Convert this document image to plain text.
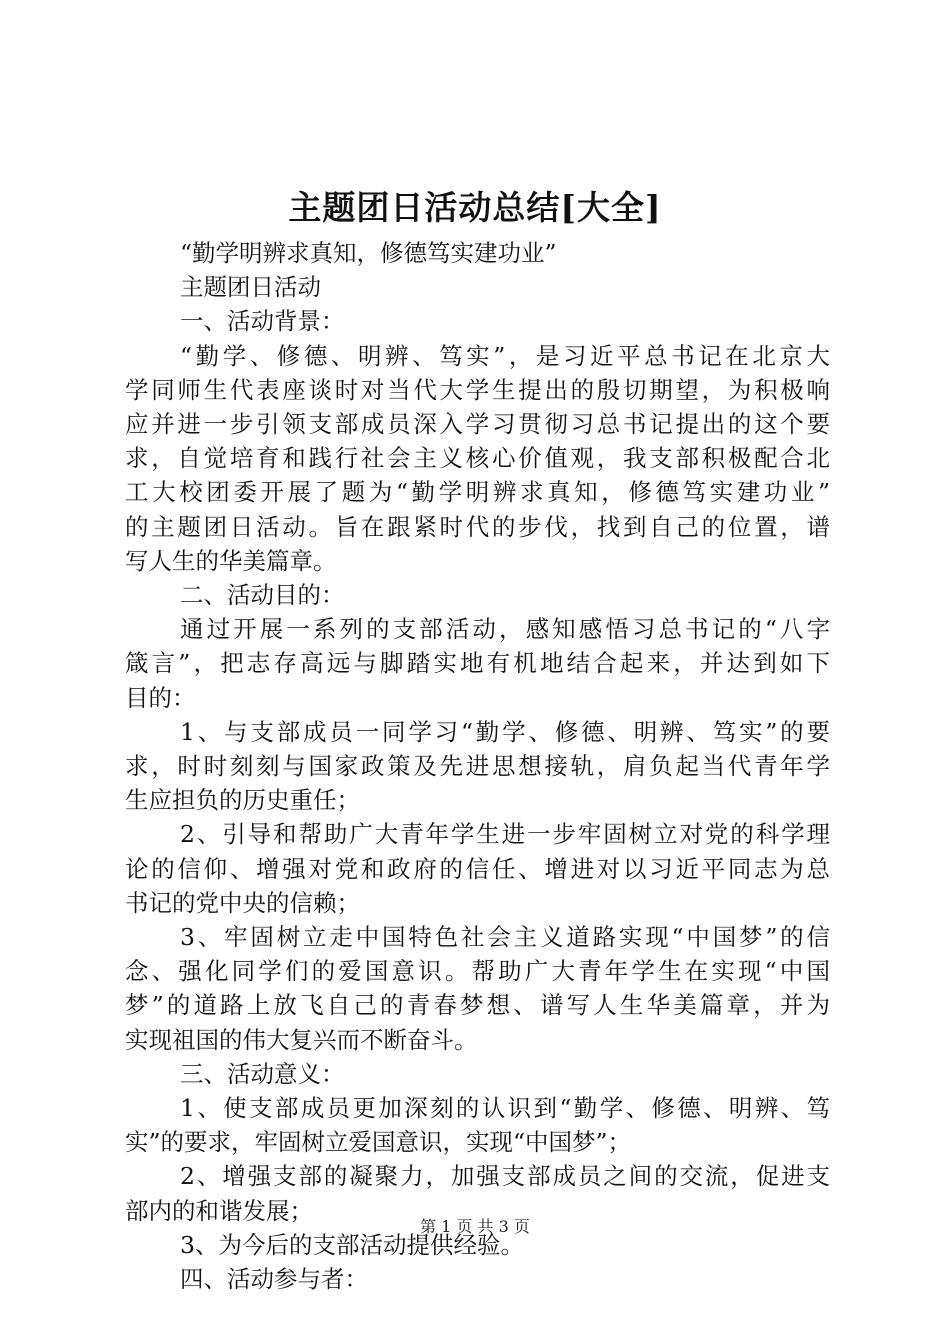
主题团日活动总结[大全]
“勤学明辨求真知，修德笃实建功业”
主题团日活动
一、活动背景：
“勤学、修德、明辨、笃实”，是习近平总书记在北京大
学同师生代表座谈时对当代大学生提出的殷切期望，为积极响
应并进一步引领支部成员深入学习贯彻习总书记提出的这个要
求，自觉培育和践行社会主义核心价值观，我支部积极配合北
工大校团委开展了题为“勤学明辨求真知，修德笃实建功业”
的主题团日活动。旨在跟紧时代的步伐，找到自己的位置，谱
写人生的华美篇章。
二、活动目的：
通过开展一系列的支部活动，感知感悟习总书记的“八字
箴言”，把志存高远与脚踏实地有机地结合起来，并达到如下
目的：
1、与支部成员一同学习“勤学、修德、明辨、笃实”的要
求，时时刻刻与国家政策及先进思想接轨，肩负起当代青年学
生应担负的历史重任；
2、引导和帮助广大青年学生进一步牢固树立对党的科学理
论的信仰、增强对党和政府的信任、增进对以习近平同志为总
书记的党中央的信赖；
3、牢固树立走中国特色社会主义道路实现“中国梦”的信
念、强化同学们的爱国意识。帮助广大青年学生在实现“中国
梦”的道路上放飞自己的青春梦想、谱写人生华美篇章，并为
实现祖国的伟大复兴而不断奋斗。
三、活动意义：
1、使支部成员更加深刻的认识到“勤学、修德、明辨、笃
实”的要求，牢固树立爱国意识，实现“中国梦”；
2、增强支部的凝聚力，加强支部成员之间的交流，促进支
部内的和谐发展；
3、为今后的支部活动提供经验。
四、活动参与者：
第 1 页 共 3 页
